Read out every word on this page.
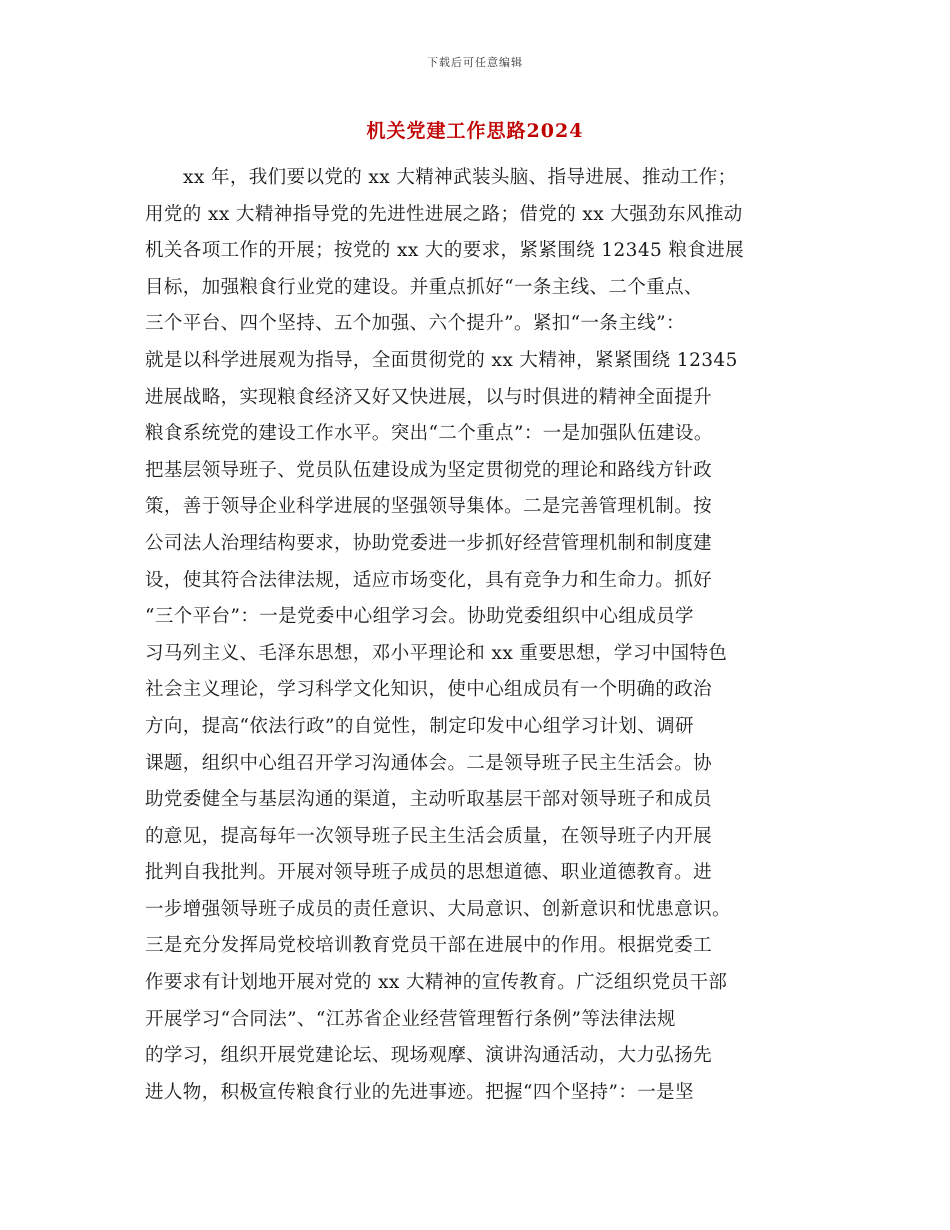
下载后可任意编辑
机关党建工作思路2024
xx 年，我们要以党的 xx 大精神武装头脑、指导进展、推动工作；
用党的 xx 大精神指导党的先进性进展之路；借党的 xx 大强劲东风推动
机关各项工作的开展；按党的 xx 大的要求，紧紧围绕 12345 粮食进展
目标，加强粮食行业党的建设。并重点抓好“一条主线、二个重点、
三个平台、四个坚持、五个加强、六个提升”。紧扣“一条主线”：
就是以科学进展观为指导，全面贯彻党的 xx 大精神，紧紧围绕 12345
进展战略，实现粮食经济又好又快进展，以与时俱进的精神全面提升
粮食系统党的建设工作水平。突出“二个重点”：一是加强队伍建设。
把基层领导班子、党员队伍建设成为坚定贯彻党的理论和路线方针政
策，善于领导企业科学进展的坚强领导集体。二是完善管理机制。按
公司法人治理结构要求，协助党委进一步抓好经营管理机制和制度建
设，使其符合法律法规，适应市场变化，具有竞争力和生命力。抓好
“三个平台”：一是党委中心组学习会。协助党委组织中心组成员学
习马列主义、毛泽东思想，邓小平理论和 xx 重要思想，学习中国特色
社会主义理论，学习科学文化知识，使中心组成员有一个明确的政治
方向，提高“依法行政”的自觉性，制定印发中心组学习计划、调研
课题，组织中心组召开学习沟通体会。二是领导班子民主生活会。协
助党委健全与基层沟通的渠道，主动听取基层干部对领导班子和成员
的意见，提高每年一次领导班子民主生活会质量，在领导班子内开展
批判自我批判。开展对领导班子成员的思想道德、职业道德教育。进
一步增强领导班子成员的责任意识、大局意识、创新意识和忧患意识。
三是充分发挥局党校培训教育党员干部在进展中的作用。根据党委工
作要求有计划地开展对党的 xx 大精神的宣传教育。广泛组织党员干部
开展学习“合同法”、“江苏省企业经营管理暂行条例”等法律法规
的学习，组织开展党建论坛、现场观摩、演讲沟通活动，大力弘扬先
进人物，积极宣传粮食行业的先进事迹。把握“四个坚持”：一是坚
